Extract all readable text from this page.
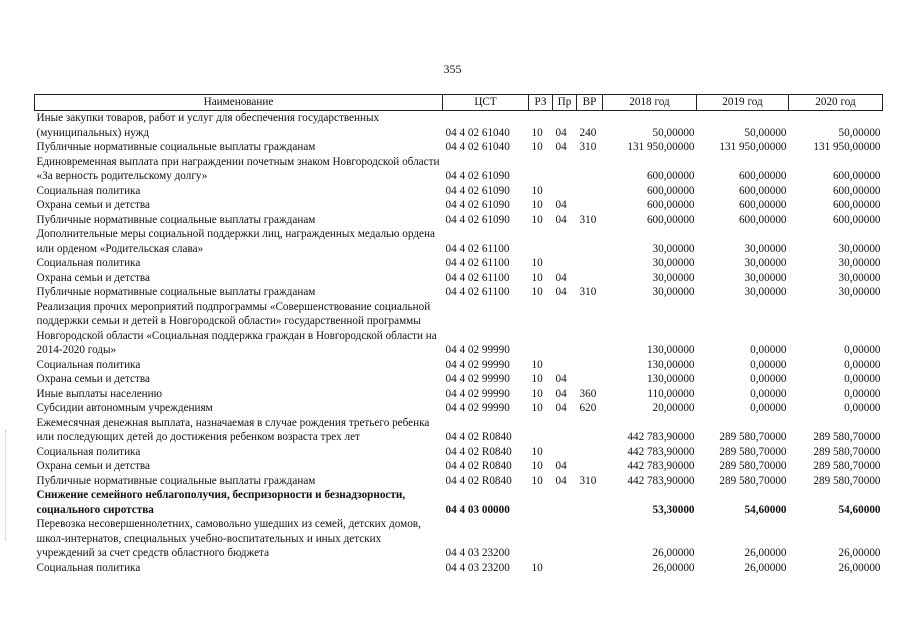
355
Наименование	ЦСТ	РЗ	Пр	ВР	2018 год	2019 год	2020 год
Иные закупки товаров, работ и услуг для обеспечения государственных (муниципальных) нужд	04 4 02 61040	10	04	240	50,00000	50,00000	50,00000
Публичные нормативные социальные выплаты гражданам	04 4 02 61040	10	04	310	131 950,00000	131 950,00000	131 950,00000
Единовременная выплата при награждении почетным знаком Новгородской области «За верность родительскому долгу»	04 4 02 61090				600,00000	600,00000	600,00000
Социальная политика	04 4 02 61090	10			600,00000	600,00000	600,00000
Охрана семьи и детства	04 4 02 61090	10	04		600,00000	600,00000	600,00000
Публичные нормативные социальные выплаты гражданам	04 4 02 61090	10	04	310	600,00000	600,00000	600,00000
Дополнительные меры социальной поддержки лиц, награжденных медалью ордена или орденом «Родительская слава»	04 4 02 61100				30,00000	30,00000	30,00000
Социальная политика	04 4 02 61100	10			30,00000	30,00000	30,00000
Охрана семьи и детства	04 4 02 61100	10	04		30,00000	30,00000	30,00000
Публичные нормативные социальные выплаты гражданам	04 4 02 61100	10	04	310	30,00000	30,00000	30,00000
Реализация прочих мероприятий подпрограммы «Совершенствование социальной поддержки семьи и детей в Новгородской области» государственной программы Новгородской области «Социальная поддержка граждан в Новгородской области на 2014-2020 годы»	04 4 02 99990				130,00000	0,00000	0,00000
Социальная политика	04 4 02 99990	10			130,00000	0,00000	0,00000
Охрана семьи и детства	04 4 02 99990	10	04		130,00000	0,00000	0,00000
Иные выплаты населению	04 4 02 99990	10	04	360	110,00000	0,00000	0,00000
Субсидии автономным учреждениям	04 4 02 99990	10	04	620	20,00000	0,00000	0,00000
Ежемесячная денежная выплата, назначаемая в случае рождения третьего ребенка или последующих детей до достижения ребенком возраста трех лет	04 4 02 R0840				442 783,90000	289 580,70000	289 580,70000
Социальная политика	04 4 02 R0840	10			442 783,90000	289 580,70000	289 580,70000
Охрана семьи и детства	04 4 02 R0840	10	04		442 783,90000	289 580,70000	289 580,70000
Публичные нормативные социальные выплаты гражданам	04 4 02 R0840	10	04	310	442 783,90000	289 580,70000	289 580,70000
Снижение семейного неблагополучия, беспризорности и безнадзорности, социального сиротства	04 4 03 00000				53,30000	54,60000	54,60000
Перевозка несовершеннолетних, самовольно ушедших из семей, детских домов, школ-интернатов, специальных учебно-воспитательных и иных детских учреждений за счет средств областного бюджета	04 4 03 23200				26,00000	26,00000	26,00000
Социальная политика	04 4 03 23200	10			26,00000	26,00000	26,00000
